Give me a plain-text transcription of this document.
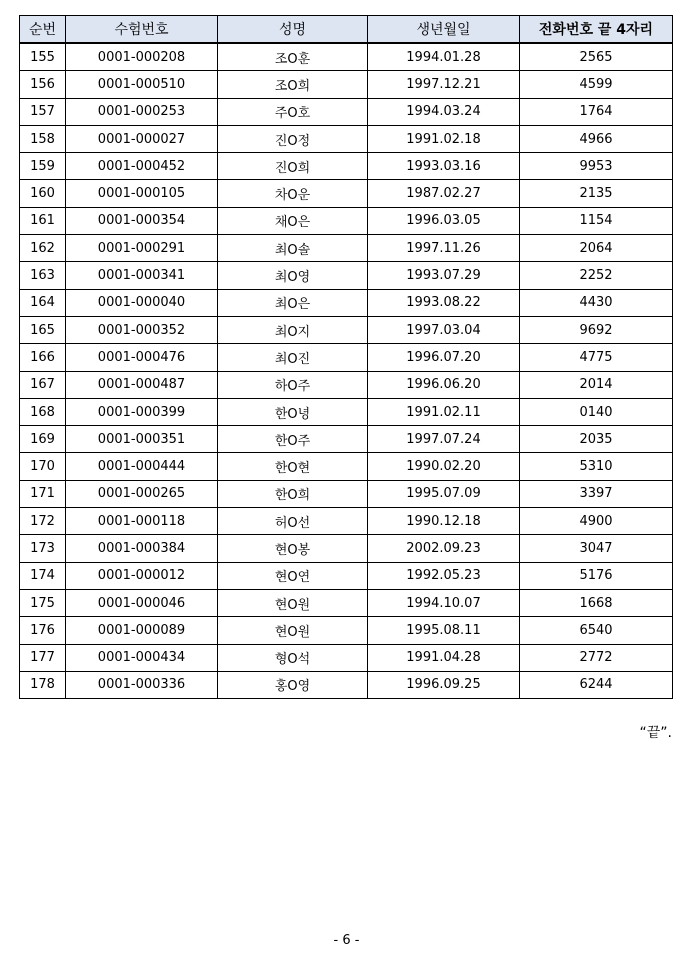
순번	수험번호	성명	생년월일	전화번호 끝 4자리
155	0001-000208	조O훈	1994.01.28	2565
156	0001-000510	조O희	1997.12.21	4599
157	0001-000253	주O호	1994.03.24	1764
158	0001-000027	진O정	1991.02.18	4966
159	0001-000452	진O희	1993.03.16	9953
160	0001-000105	차O운	1987.02.27	2135
161	0001-000354	채O은	1996.03.05	1154
162	0001-000291	최O솔	1997.11.26	2064
163	0001-000341	최O영	1993.07.29	2252
164	0001-000040	최O은	1993.08.22	4430
165	0001-000352	최O지	1997.03.04	9692
166	0001-000476	최O진	1996.07.20	4775
167	0001-000487	하O주	1996.06.20	2014
168	0001-000399	한O녕	1991.02.11	0140
169	0001-000351	한O주	1997.07.24	2035
170	0001-000444	한O현	1990.02.20	5310
171	0001-000265	한O희	1995.07.09	3397
172	0001-000118	허O선	1990.12.18	4900
173	0001-000384	현O봉	2002.09.23	3047
174	0001-000012	현O연	1992.05.23	5176
175	0001-000046	현O원	1994.10.07	1668
176	0001-000089	현O원	1995.08.11	6540
177	0001-000434	형O석	1991.04.28	2772
178	0001-000336	홍O영	1996.09.25	6244
“끝”.
- 6 -
